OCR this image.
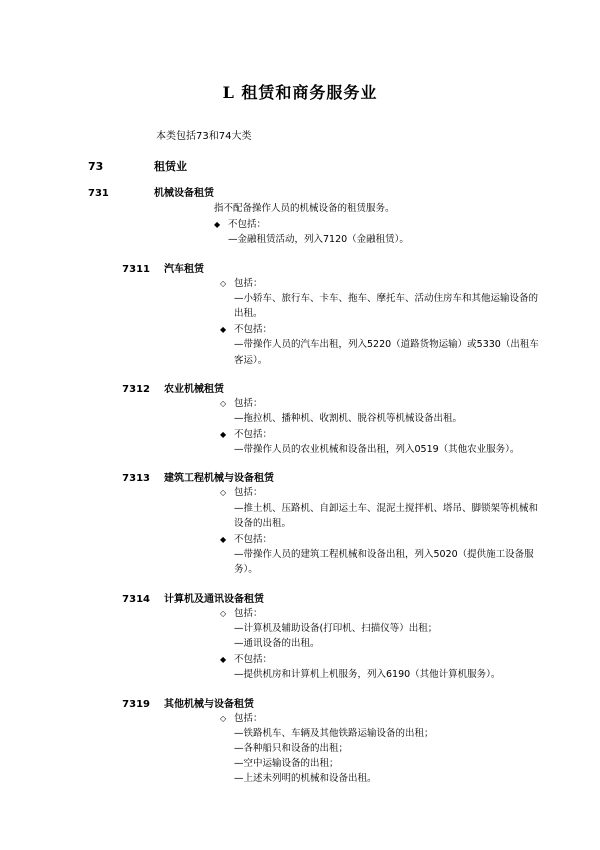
L 租赁和商务服务业
本类包括73和74大类
73	租赁业
731	机械设备租赁
指不配备操作人员的机械设备的租赁服务。
◆ 不包括：
—金融租赁活动，列入7120（金融租赁）。
7311	汽车租赁
◇ 包括：
—小轿车、旅行车、卡车、拖车、摩托车、活动住房车和其他运输设备的出租。
◆ 不包括：
—带操作人员的汽车出租，列入5220（道路货物运输）或5330（出租车客运）。
7312	农业机械租赁
◇ 包括：
—拖拉机、播种机、收割机、脱谷机等机械设备出租。
◆ 不包括：
—带操作人员的农业机械和设备出租，列入0519（其他农业服务）。
7313	建筑工程机械与设备租赁
◇ 包括：
—推土机、压路机、自卸运土车、混泥土搅拌机、塔吊、脚锁架等机械和设备的出租。
◆ 不包括：
—带操作人员的建筑工程机械和设备出租，列入5020（提供施工设备服务）。
7314	计算机及通讯设备租赁
◇ 包括：
—计算机及辅助设备(打印机、扫描仪等）出租；
—通讯设备的出租。
◆ 不包括：
—提供机房和计算机上机服务，列入6190（其他计算机服务）。
7319	其他机械与设备租赁
◇ 包括：
—铁路机车、车辆及其他铁路运输设备的出租；
—各种船只和设备的出租；
—空中运输设备的出租；
—上述未列明的机械和设备出租。
